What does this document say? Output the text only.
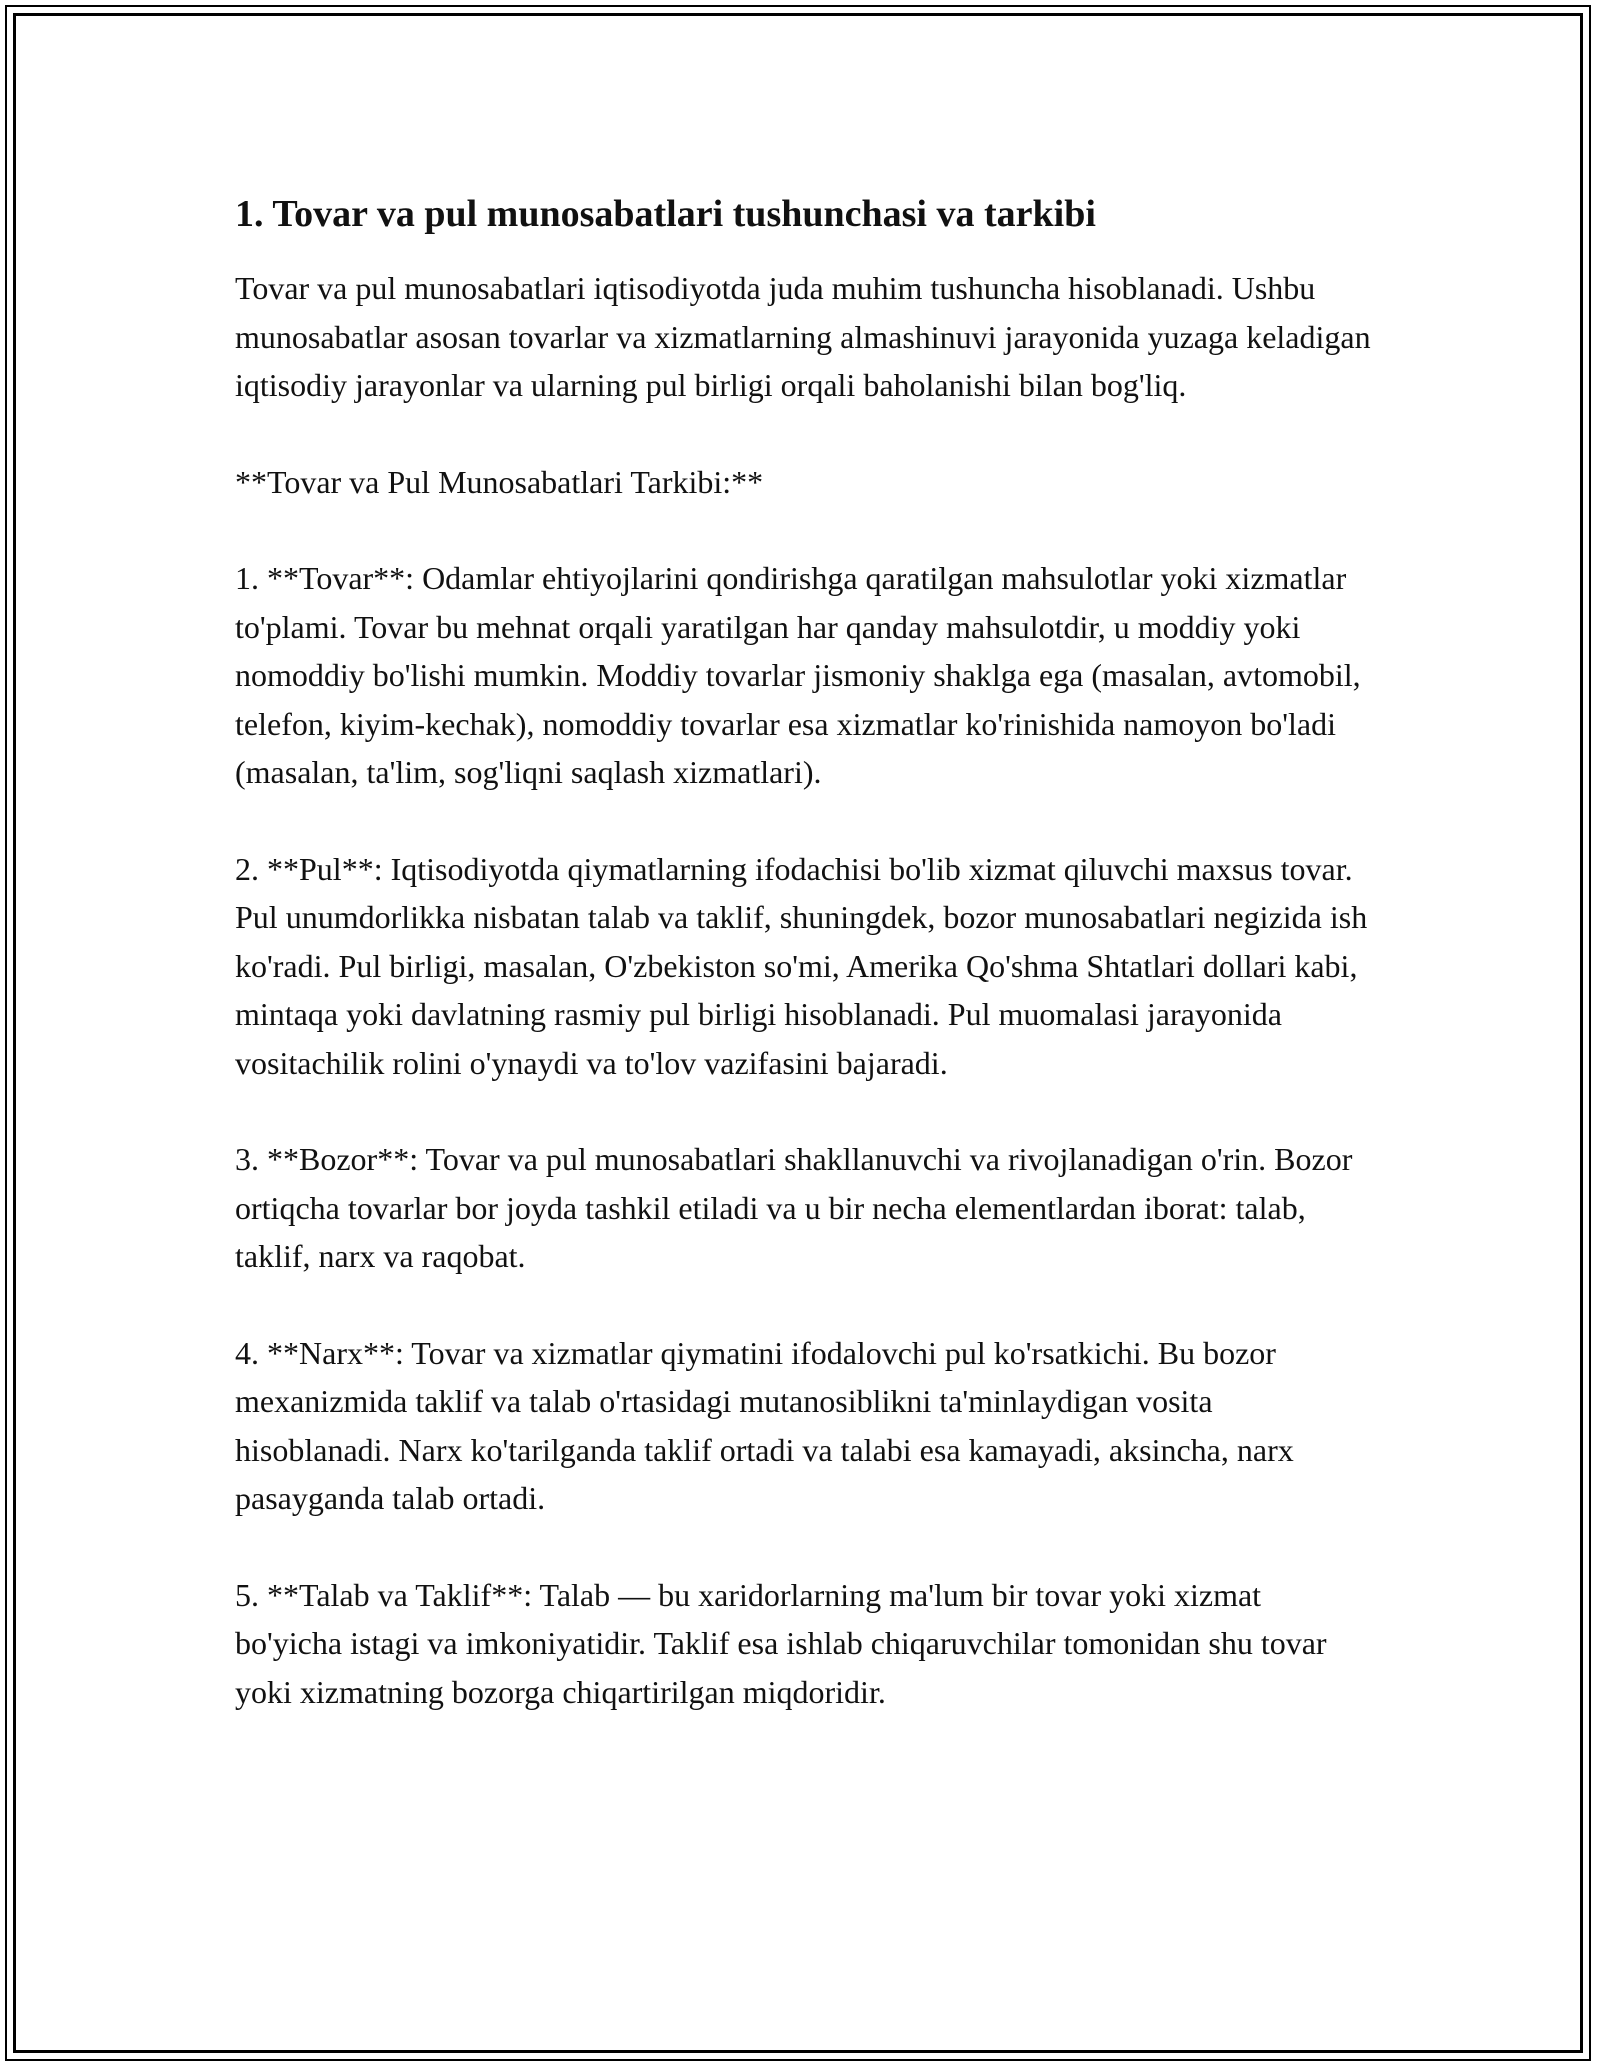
1. Tovar va pul munosabatlari tushunchasi va tarkibi

Tovar va pul munosabatlari iqtisodiyotda juda muhim tushuncha hisoblanadi. Ushbu munosabatlar asosan tovarlar va xizmatlarning almashinuvi jarayonida yuzaga keladigan iqtisodiy jarayonlar va ularning pul birligi orqali baholanishi bilan bog'liq.

**Tovar va Pul Munosabatlari Tarkibi:**

1. **Tovar**: Odamlar ehtiyojlarini qondirishga qaratilgan mahsulotlar yoki xizmatlar to'plami. Tovar bu mehnat orqali yaratilgan har qanday mahsulotdir, u moddiy yoki nomoddiy bo'lishi mumkin. Moddiy tovarlar jismoniy shaklga ega (masalan, avtomobil, telefon, kiyim-kechak), nomoddiy tovarlar esa xizmatlar ko'rinishida namoyon bo'ladi (masalan, ta'lim, sog'liqni saqlash xizmatlari).

2. **Pul**: Iqtisodiyotda qiymatlarning ifodachisi bo'lib xizmat qiluvchi maxsus tovar. Pul unumdorlikka nisbatan talab va taklif, shuningdek, bozor munosabatlari negizida ish ko'radi. Pul birligi, masalan, O'zbekiston so'mi, Amerika Qo'shma Shtatlari dollari kabi, mintaqa yoki davlatning rasmiy pul birligi hisoblanadi. Pul muomalasi jarayonida vositachilik rolini o'ynaydi va to'lov vazifasini bajaradi.

3. **Bozor**: Tovar va pul munosabatlari shakllanuvchi va rivojlanadigan o'rin. Bozor ortiqcha tovarlar bor joyda tashkil etiladi va u bir necha elementlardan iborat: talab, taklif, narx va raqobat.

4. **Narx**: Tovar va xizmatlar qiymatini ifodalovchi pul ko'rsatkichi. Bu bozor mexanizmida taklif va talab o'rtasidagi mutanosiblikni ta'minlaydigan vosita hisoblanadi. Narx ko'tarilganda taklif ortadi va talabi esa kamayadi, aksincha, narx pasayganda talab ortadi.

5. **Talab va Taklif**: Talab — bu xaridorlarning ma'lum bir tovar yoki xizmat bo'yicha istagi va imkoniyatidir. Taklif esa ishlab chiqaruvchilar tomonidan shu tovar yoki xizmatning bozorga chiqartirilgan miqdoridir.
